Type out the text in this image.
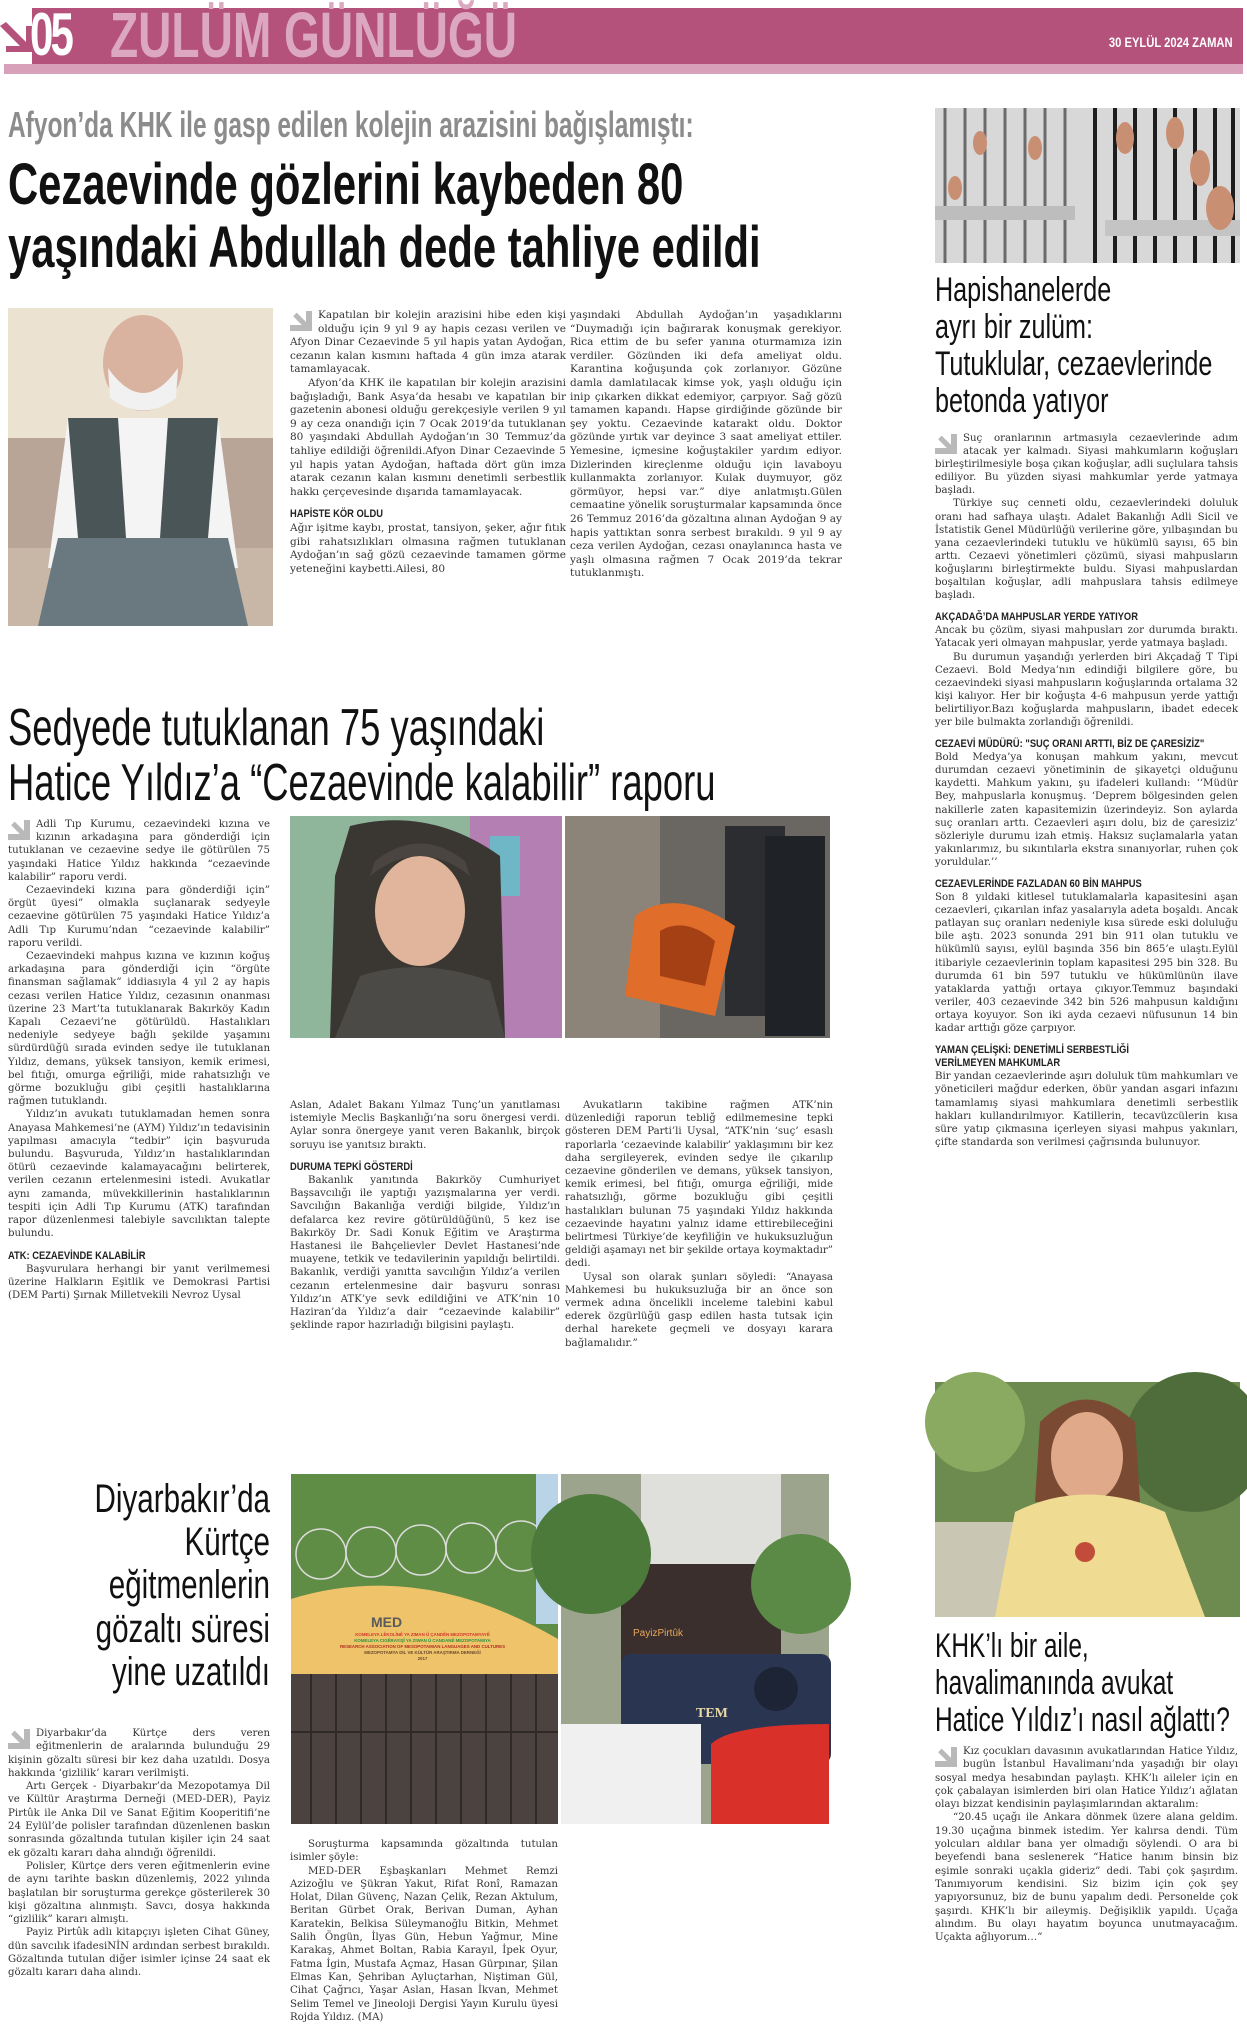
05 ZULÜM GÜNLÜĞÜ	30 EYLÜL 2024 ZAMAN
Afyon’da KHK ile gasp edilen kolejin arazisini bağışlamıştı:
Cezaevinde gözlerini kaybeden 80
yaşındaki Abdullah dede tahliye edildi

Kapatılan bir kolejin arazisini hibe eden kişi olduğu için 9 yıl 9 ay hapis cezası verilen ve Afyon Dinar Cezaevinde 5 yıl hapis yatan Aydoğan, cezanın kalan kısmını haftada 4 gün imza atarak tamamlayacak.

Afyon’da KHK ile kapatılan bir kolejin arazisini bağışladığı, Bank Asya’da hesabı ve kapatılan bir gazetenin abonesi olduğu gerekçesiyle verilen 9 yıl 9 ay ceza onandığı için 7 Ocak 2019’da tutuklanan 80 yaşındaki Abdullah Aydoğan’ın 30 Temmuz’da tahliye edildiği öğrenildi.Afyon Dinar Cezaevinde 5 yıl hapis yatan Aydoğan, haftada dört gün imza atarak cezanın kalan kısmını denetimli serbestlik hakkı çerçevesinde dışarıda tamamlayacak.

HAPİSTE KÖR OLDU

Ağır işitme kaybı, prostat, tansiyon, şeker, ağır fıtık gibi rahatsızlıkları olmasına rağmen tutuklanan Aydoğan’ın sağ gözü cezaevinde tamamen görme yeteneğini kaybetti.Ailesi, 80

yaşındaki Abdullah Aydoğan’ın yaşadıklarını “Duymadığı için bağırarak konuşmak gerekiyor. Rica ettim de bu sefer yanına oturmamıza izin verdiler. Gözünden iki defa ameliyat oldu. Karantina koğuşunda çok zorlanıyor. Gözüne damla damlatılacak kimse yok, yaşlı olduğu için inip çıkarken dikkat edemiyor, çarpıyor. Sağ gözü tamamen kapandı. Hapse girdiğinde gözünde bir şey yoktu. Cezaevinde katarakt oldu. Doktor gözünde yırtık var deyince 3 saat ameliyat ettiler. Yemesine, içmesine koğuştakiler yardım ediyor. Dizlerinden kireçlenme olduğu için lavaboyu kullanmakta zorlanıyor. Kulak duymuyor, göz görmüyor, hepsi var.” diye anlatmıştı.Gülen cemaatine yönelik soruşturmalar kapsamında önce 26 Temmuz 2016’da gözaltına alınan Aydoğan 9 ay hapis yattıktan sonra serbest bırakıldı. 9 yıl 9 ay ceza verilen Aydoğan, cezası onaylanınca hasta ve yaşlı olmasına rağmen 7 Ocak 2019’da tekrar tutuklanmıştı.

Hapishanelerde
ayrı bir zulüm:
Tutuklular, cezaevlerinde
betonda yatıyor

Suç oranlarının artmasıyla cezaevlerinde adım atacak yer kalmadı. Siyasi mahkumların koğuşları birleştirilmesiyle boşa çıkan koğuşlar, adli suçlulara tahsis ediliyor. Bu yüzden siyasi mahkumlar yerde yatmaya başladı.

Türkiye suç cenneti oldu, cezaevlerindeki doluluk oranı had safhaya ulaştı. Adalet Bakanlığı Adli Sicil ve İstatistik Genel Müdürlüğü verilerine göre, yılbaşından bu yana cezaevlerindeki tutuklu ve hükümlü sayısı, 65 bin arttı. Cezaevi yönetimleri çözümü, siyasi mahpusların koğuşlarını birleştirmekte buldu. Siyasi mahpuslardan boşaltılan koğuşlar, adli mahpuslara tahsis edilmeye başladı.

AKÇADAĞ’DA MAHPUSLAR YERDE YATIYOR

Ancak bu çözüm, siyasi mahpusları zor durumda bıraktı. Yatacak yeri olmayan mahpuslar, yerde yatmaya başladı.

Bu durumun yaşandığı yerlerden biri Akçadağ T Tipi Cezaevi. Bold Medya’nın edindiği bilgilere göre, bu cezaevindeki siyasi mahpusların koğuşlarında ortalama 32 kişi kalıyor. Her bir koğuşta 4-6 mahpusun yerde yattığı belirtiliyor.Bazı koğuşlarda mahpusların, ibadet edecek yer bile bulmakta zorlandığı öğrenildi.

CEZAEVİ MÜDÜRÜ: "SUÇ ORANI ARTTI, BİZ DE ÇARESİZİZ"

Bold Medya’ya konuşan mahkum yakını, mevcut durumdan cezaevi yönetiminin de şikayetçi olduğunu kaydetti. Mahkum yakını, şu ifadeleri kullandı: ‘‘Müdür Bey, mahpuslarla konuşmuş. ‘Deprem bölgesinden gelen nakillerle zaten kapasitemizin üzerindeyiz. Son aylarda suç oranları arttı. Cezaevleri aşırı dolu, biz de çaresiziz’ sözleriyle durumu izah etmiş. Haksız suçlamalarla yatan yakınlarımız, bu sıkıntılarla ekstra sınanıyorlar, ruhen çok yoruldular.’’

CEZAEVLERİNDE FAZLADAN 60 BİN MAHPUS

Son 8 yıldaki kitlesel tutuklamalarla kapasitesini aşan cezaevleri, çıkarılan infaz yasalarıyla adeta boşaldı. Ancak patlayan suç oranları nedeniyle kısa sürede eski doluluğu bile aştı. 2023 sonunda 291 bin 911 olan tutuklu ve hükümlü sayısı, eylül başında 356 bin 865’e ulaştı.Eylül itibariyle cezaevlerinin toplam kapasitesi 295 bin 328. Bu durumda 61 bin 597 tutuklu ve hükümlünün ilave yataklarda yattığı ortaya çıkıyor.Temmuz başındaki veriler, 403 cezaevinde 342 bin 526 mahpusun kaldığını ortaya koyuyor. Son iki ayda cezaevi nüfusunun 14 bin kadar arttığı göze çarpıyor.

YAMAN ÇELİŞKİ: DENETİMLİ SERBESTLİĞİ
VERİLMEYEN MAHKUMLAR

Bir yandan cezaevlerinde aşırı doluluk tüm mahkumları ve yöneticileri mağdur ederken, öbür yandan asgari infazını tamamlamış siyasi mahkumlara denetimli serbestlik hakları kullandırılmıyor. Katillerin, tecavüzcülerin kısa süre yatıp çıkmasına içerleyen siyasi mahpus yakınları, çifte standarda son verilmesi çağrısında bulunuyor.

Sedyede tutuklanan 75 yaşındaki
Hatice Yıldız’a “Cezaevinde kalabilir” raporu

Adli Tıp Kurumu, cezaevindeki kızına ve kızının arkadaşına para gönderdiği için tutuklanan ve cezaevine sedye ile götürülen 75 yaşındaki Hatice Yıldız hakkında “cezaevinde kalabilir” raporu verdi.

Cezaevindeki kızına para gönderdiği için” örgüt üyesi” olmakla suçlanarak sedyeyle cezaevine götürülen 75 yaşındaki Hatice Yıldız’a Adli Tıp Kurumu’ndan “cezaevinde kalabilir” raporu verildi.

Cezaevindeki mahpus kızına ve kızının koğuş arkadaşına para gönderdiği için “örgüte finansman sağlamak” iddiasıyla 4 yıl 2 ay hapis cezası verilen Hatice Yıldız, cezasının onanması üzerine 23 Mart’ta tutuklanarak Bakırköy Kadın Kapalı Cezaevi’ne götürüldü. Hastalıkları nedeniyle sedyeye bağlı şekilde yaşamını sürdürdüğü sırada evinden sedye ile tutuklanan Yıldız, demans, yüksek tansiyon, kemik erimesi, bel fıtığı, omurga eğriliği, mide rahatsızlığı ve görme bozukluğu gibi çeşitli hastalıklarına rağmen tutuklandı.

Yıldız’ın avukatı tutuklamadan hemen sonra Anayasa Mahkemesi’ne (AYM) Yıldız’ın tedavisinin yapılması amacıyla “tedbir” için başvuruda bulundu. Başvuruda, Yıldız’ın hastalıklarından ötürü cezaevinde kalamayacağını belirterek, verilen cezanın ertelenmesini istedi. Avukatlar aynı zamanda, müvekkillerinin hastalıklarının tespiti için Adli Tıp Kurumu (ATK) tarafından rapor düzenlenmesi talebiyle savcılıktan talepte bulundu.

ATK: CEZAEVİNDE KALABİLİR

Başvurulara herhangi bir yanıt verilmemesi üzerine Halkların Eşitlik ve Demokrasi Partisi (DEM Parti) Şırnak Milletvekili Nevroz Uysal

Aslan, Adalet Bakanı Yılmaz Tunç’un yanıtlaması istemiyle Meclis Başkanlığı’na soru önergesi verdi. Aylar sonra önergeye yanıt veren Bakanlık, birçok soruyu ise yanıtsız bıraktı.

DURUMA TEPKİ GÖSTERDİ

Bakanlık yanıtında Bakırköy Cumhuriyet Başsavcılığı ile yaptığı yazışmalarına yer verdi. Savcılığın Bakanlığa verdiği bilgide, Yıldız’ın defalarca kez revire götürüldüğünü, 5 kez ise Bakırköy Dr. Sadi Konuk Eğitim ve Araştırma Hastanesi ile Bahçelievler Devlet Hastanesi’nde muayene, tetkik ve tedavilerinin yapıldığı belirtildi. Bakanlık, verdiği yanıtta savcılığın Yıldız’a verilen cezanın ertelenmesine dair başvuru sonrası Yıldız’ın ATK’ye sevk edildiğini ve ATK’nin 10 Haziran’da Yıldız’a dair “cezaevinde kalabilir” şeklinde rapor hazırladığı bilgisini paylaştı.

Avukatların takibine rağmen ATK’nin düzenlediği raporun tebliğ edilmemesine tepki gösteren DEM Parti’li Uysal, “ATK’nin ‘suç’ esaslı raporlarla ‘cezaevinde kalabilir’ yaklaşımını bir kez daha sergileyerek, evinden sedye ile çıkarılıp cezaevine gönderilen ve demans, yüksek tansiyon, kemik erimesi, bel fıtığı, omurga eğriliği, mide rahatsızlığı, görme bozukluğu gibi çeşitli hastalıkları bulunan 75 yaşındaki Yıldız hakkında cezaevinde hayatını yalnız idame ettirebileceğini belirtmesi Türkiye’de keyfiliğin ve hukuksuzluğun geldiği aşamayı net bir şekilde ortaya koymaktadır” dedi.

Uysal son olarak şunları söyledi: “Anayasa Mahkemesi bu hukuksuzluğa bir an önce son vermek adına öncelikli inceleme talebini kabul ederek özgürlüğü gasp edilen hasta tutsak için derhal harekete geçmeli ve dosyayı karara bağlamalıdır.”

KHK’lı bir aile,
havalimanında avukat
Hatice Yıldız’ı nasıl ağlattı?

Kız çocukları davasının avukatlarından Hatice Yıldız, bugün İstanbul Havalimanı’nda yaşadığı bir olayı sosyal medya hesabından paylaştı. KHK’lı aileler için en çok çabalayan isimlerden biri olan Hatice Yıldız’ı ağlatan olayı bizzat kendisinin paylaşımlarından aktaralım:

“20.45 uçağı ile Ankara dönmek üzere alana geldim. 19.30 uçağına binmek istedim. Yer kalırsa dendi. Tüm yolcuları aldılar bana yer olmadığı söylendi. O ara bi beyefendi bana seslenerek “Hatice hanım binsin biz eşimle sonraki uçakla gideriz” dedi. Tabi çok şaşırdım. Tanımıyorum kendisini. Siz bizim için çok şey yapıyorsunuz, biz de bunu yapalım dedi. Personelde çok şaşırdı. KHK’lı bir aileymiş. Değişiklik yapıldı. Uçağa alındım. Bu olayı hayatım boyunca unutmayacağım. Uçakta ağlıyorum…”

Diyarbakır’da
Kürtçe
eğitmenlerin
gözaltı süresi
yine uzatıldı

Diyarbakır’da Kürtçe ders veren eğitmenlerin de aralarında bulunduğu 29 kişinin gözaltı süresi bir kez daha uzatıldı. Dosya hakkında ‘gizlilik’ kararı verilmişti.

Artı Gerçek - Diyarbakır’da Mezopotamya Dil ve Kültür Araştırma Derneği (MED-DER), Payiz Pirtûk ile Anka Dil ve Sanat Eğitim Kooperitifi’ne 24 Eylül’de polisler tarafından düzenlenen baskın sonrasında gözaltında tutulan kişiler için 24 saat ek gözaltı kararı daha alındığı öğrenildi.

Polisler, Kürtçe ders veren eğitmenlerin evine de aynı tarihte baskın düzenlemiş, 2022 yılında başlatılan bir soruşturma gerekçe gösterilerek 30 kişi gözaltına alınmıştı. Savcı, dosya hakkında “gizlilik” kararı almıştı.

Payiz Pirtûk adlı kitapçıyı işleten Cihat Güney, dün savcılık ifadesiNİN ardından serbest bırakıldı. Gözaltında tutulan diğer isimler içinse 24 saat ek gözaltı kararı daha alındı.

MED
KOMELEYA LÊKOLÎNÊ YA ZIMAN Û ÇANDÊN MEZOPOTAMYAYÊ
KOMELEYA CIGÊRAYIŞÎ YA ZIWAN Û CANDANÊ MEZOPOTAMIYA
RESEARCH ASSOCIATION OF MESOPOTAMIAN LANGUAGES AND CULTURES
MEZOPOTAMYA DİL VE KÜLTÜR ARAŞTIRMA DERNEĞİ
2017
PayizPirtûk
TEM

Soruşturma kapsamında gözaltında tutulan isimler şöyle:

MED-DER Eşbaşkanları Mehmet Remzi Azizoğlu ve Şükran Yakut, Rifat Ronî, Ramazan Holat, Dilan Güvenç, Nazan Çelik, Rezan Aktulum, Beritan Gürbet Orak, Berivan Duman, Ayhan Karatekin, Belkisa Süleymanoğlu Bitkin, Mehmet Salih Öngün, İlyas Gün, Hebun Yağmur, Mine Karakaş, Ahmet Boltan, Rabia Karayıl, İpek Oyur, Fatma İgin, Mustafa Açmaz, Hasan Gürpınar, Şilan Elmas Kan, Şehriban Ayluçtarhan, Niştiman Gül, Cihat Çağrıcı, Yaşar Aslan, Hasan İkvan, Mehmet Selim Temel ve Jineoloji Dergisi Yayın Kurulu üyesi Rojda Yıldız. (MA)
